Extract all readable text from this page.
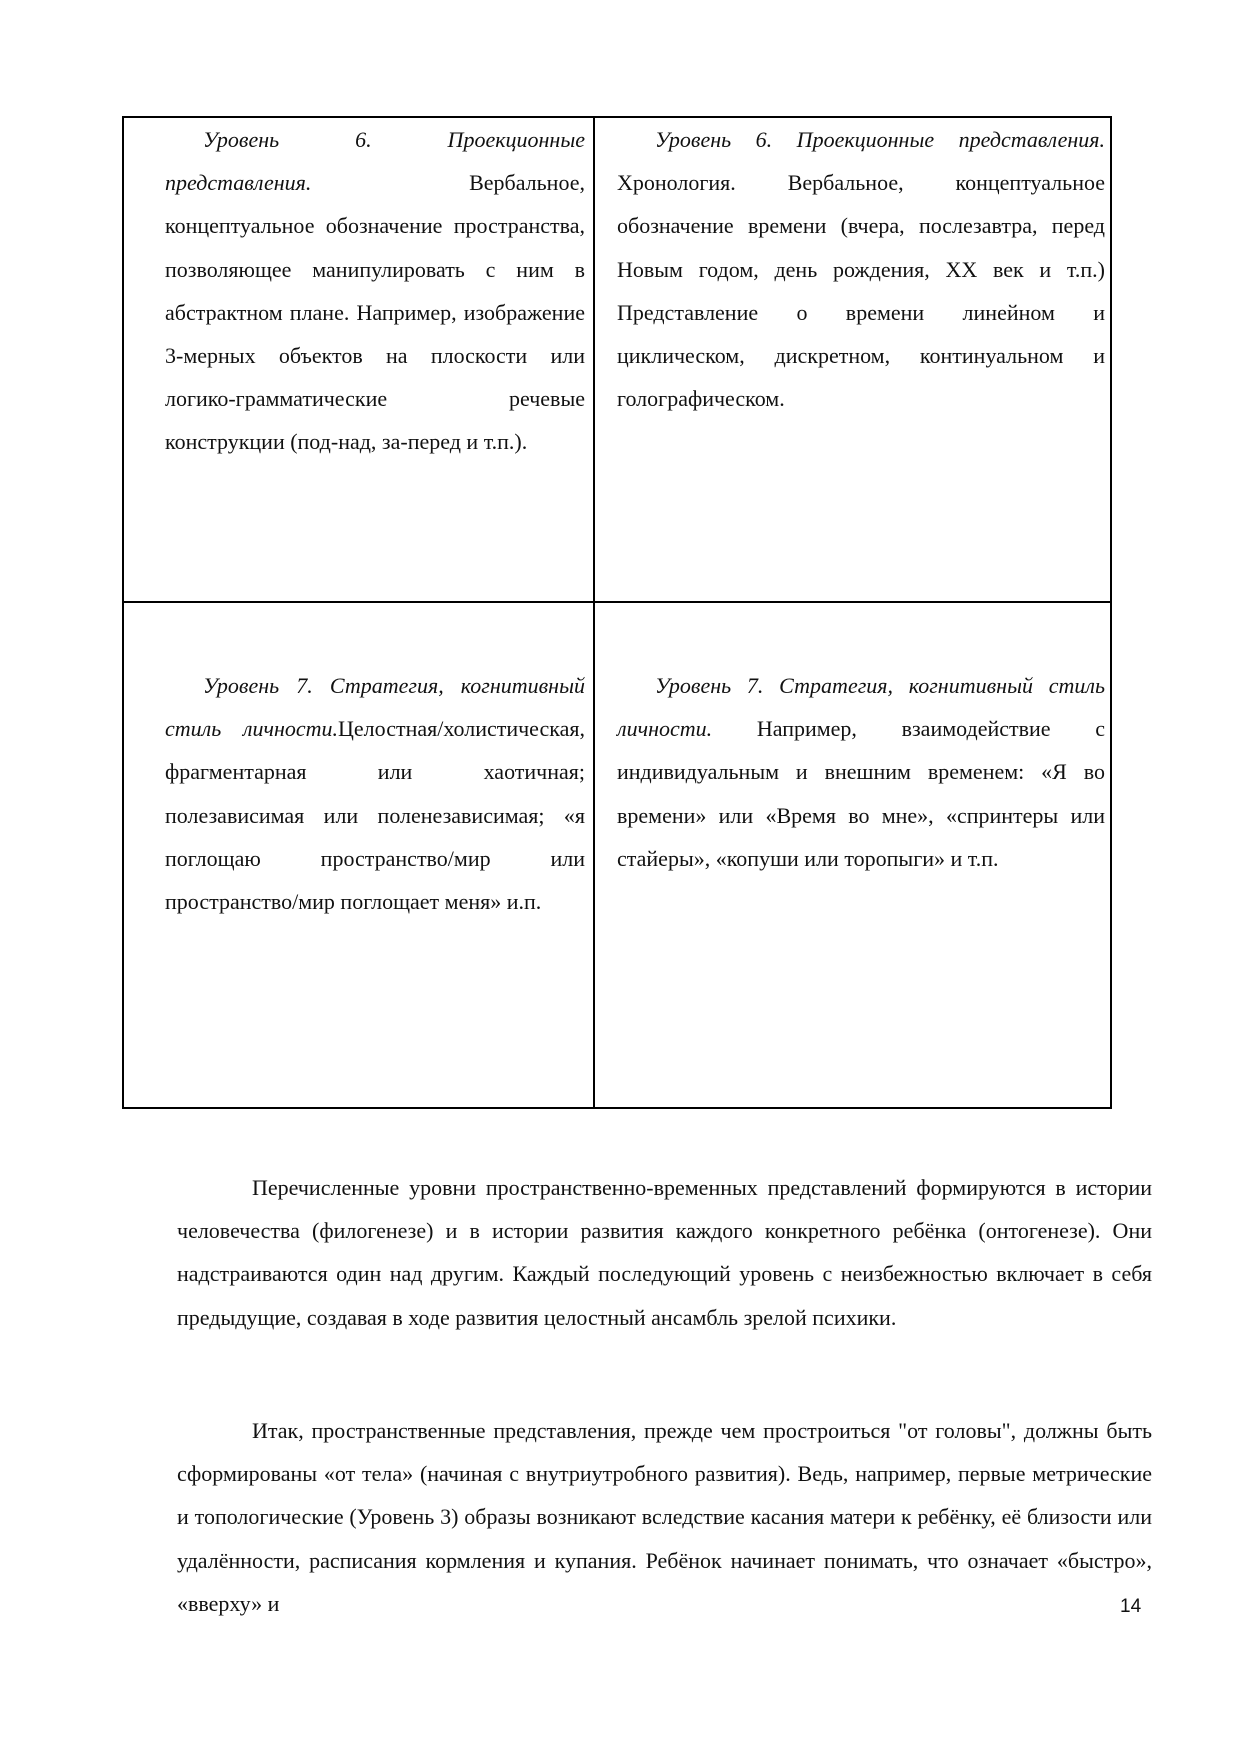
Уровень 6. Проекционные представления. Вербальное, концептуальное обозначение пространства, позволяющее манипулировать с ним в абстрактном плане. Например, изображение 3-мерных объектов на плоскости или логико-грамматические речевые конструкции (под-над, за-перед и т.п.).
Уровень 6. Проекционные представления. Хронология. Вербальное, концептуальное обозначение времени (вчера, послезавтра, перед Новым годом, день рождения, XX век и т.п.) Представление о времени линейном и циклическом, дискретном, континуальном и голографическом.
Уровень 7. Стратегия, когнитивный стиль личности.Целостная/холистическая, фрагментарная или хаотичная; полезависимая или поленезависимая; «я поглощаю пространство/мир или пространство/мир поглощает меня» и.п.
Уровень 7. Стратегия, когнитивный стиль личности. Например, взаимодействие с индивидуальным и внешним временем: «Я во времени» или «Время во мне», «спринтеры или стайеры», «копуши или торопыги» и т.п.

Перечисленные уровни пространственно-временных представлений формируются в истории человечества (филогенезе) и в истории развития каждого конкретного ребёнка (онтогенезе). Они надстраиваются один над другим. Каждый последующий уровень с неизбежностью включает в себя предыдущие, создавая в ходе развития целостный ансамбль зрелой психики.

Итак, пространственные представления, прежде чем простроиться "от головы", должны быть сформированы «от тела» (начиная с внутриутробного развития). Ведь, например, первые метрические и топологические (Уровень 3) образы возникают вследствие касания матери к ребёнку, её близости или удалённости, расписания кормления и купания. Ребёнок начинает понимать, что означает «быстро», «вверху» и	14
